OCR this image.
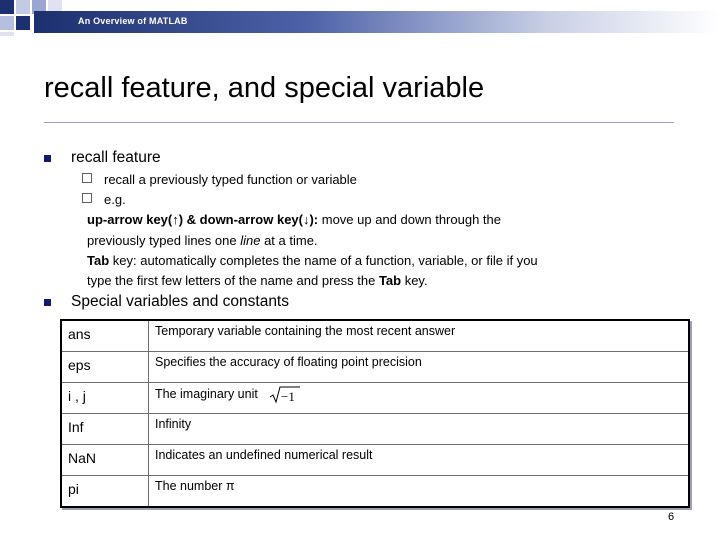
An Overview of MATLAB
recall feature, and special variable
recall feature
recall a previously typed function or variable
e.g.
up-arrow key(↑) & down-arrow key(↓): move up and down through the
previously typed lines one line at a time.
Tab key: automatically completes the name of a function, variable, or file if you
type the first few letters of the name and press the Tab key.
Special variables and constants
ans	Temporary variable containing the most recent answer
eps	Specifies the accuracy of floating point precision
i , j	The imaginary unit −1

Inf	Infinity
NaN	Indicates an undefined numerical result
pi	The number π
6
